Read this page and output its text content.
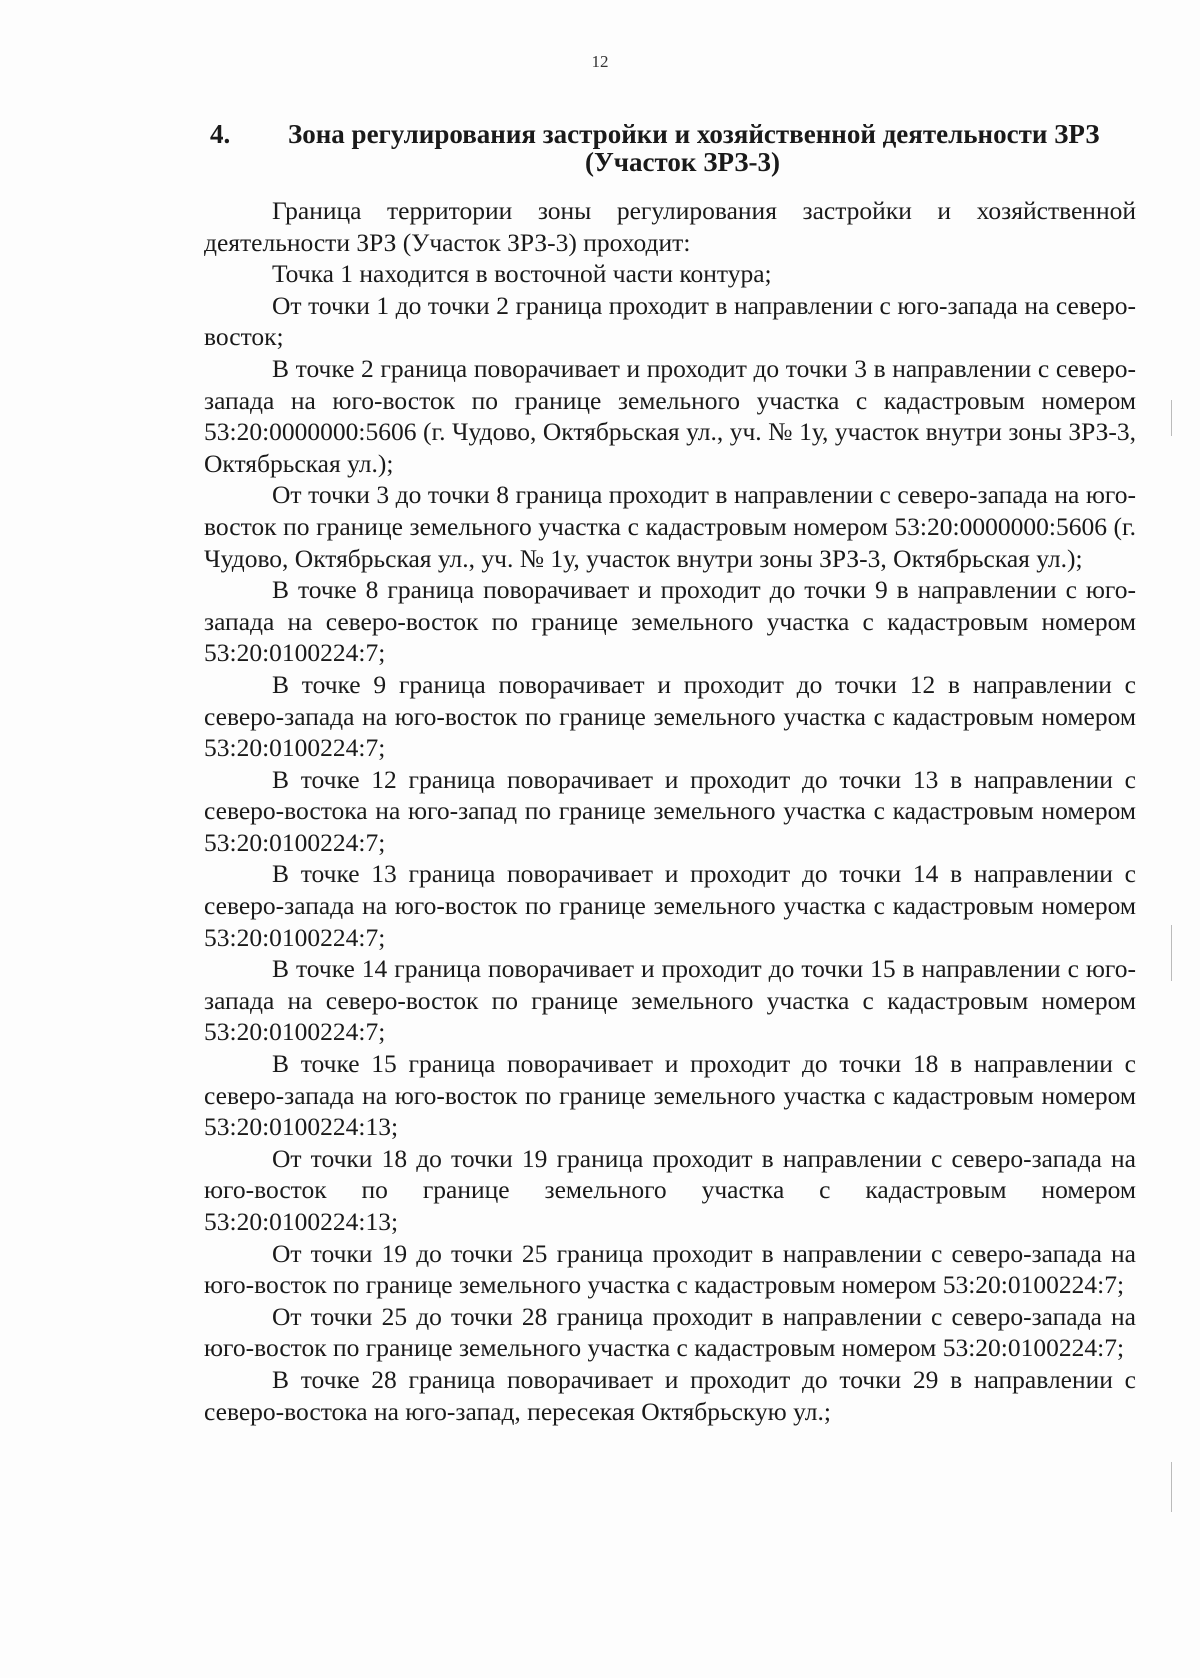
12
4. Зона регулирования застройки и хозяйственной деятельности ЗРЗ
(Участок ЗРЗ-3)

Граница территории зоны регулирования застройки и хозяйственной деятельности ЗРЗ (Участок ЗРЗ-3) проходит:

Точка 1 находится в восточной части контура;

От точки 1 до точки 2 граница проходит в направлении с юго-запада на северо-восток;

В точке 2 граница поворачивает и проходит до точки 3 в направлении с северо-запада на юго-восток по границе земельного участка с кадастровым номером 53:20:0000000:5606 (г. Чудово, Октябрьская ул., уч. № 1у, участок внутри зоны ЗРЗ-3, Октябрьская ул.);

От точки 3 до точки 8 граница проходит в направлении с северо-запада на юго-восток по границе земельного участка с кадастровым номером 53:20:0000000:5606 (г. Чудово, Октябрьская ул., уч. № 1у, участок внутри зоны ЗРЗ-3, Октябрьская ул.);

В точке 8 граница поворачивает и проходит до точки 9 в направлении с юго-запада на северо-восток по границе земельного участка с кадастровым номером 53:20:0100224:7;

В точке 9 граница поворачивает и проходит до точки 12 в направлении с северо-запада на юго-восток по границе земельного участка с кадастровым номером 53:20:0100224:7;

В точке 12 граница поворачивает и проходит до точки 13 в направлении с северо-востока на юго-запад по границе земельного участка с кадастровым номером 53:20:0100224:7;

В точке 13 граница поворачивает и проходит до точки 14 в направлении с северо-запада на юго-восток по границе земельного участка с кадастровым номером 53:20:0100224:7;

В точке 14 граница поворачивает и проходит до точки 15 в направлении с юго-запада на северо-восток по границе земельного участка с кадастровым номером 53:20:0100224:7;

В точке 15 граница поворачивает и проходит до точки 18 в направлении с северо-запада на юго-восток по границе земельного участка с кадастровым номером 53:20:0100224:13;

От точки 18 до точки 19 граница проходит в направлении с северо-запада на юго-восток по границе земельного участка с кадастровым номером 53:20:0100224:13;

От точки 19 до точки 25 граница проходит в направлении с северо-запада на юго-восток по границе земельного участка с кадастровым номером 53:20:0100224:7;

От точки 25 до точки 28 граница проходит в направлении с северо-запада на юго-восток по границе земельного участка с кадастровым номером 53:20:0100224:7;

В точке 28 граница поворачивает и проходит до точки 29 в направлении с северо-востока на юго-запад, пересекая Октябрьскую ул.;
